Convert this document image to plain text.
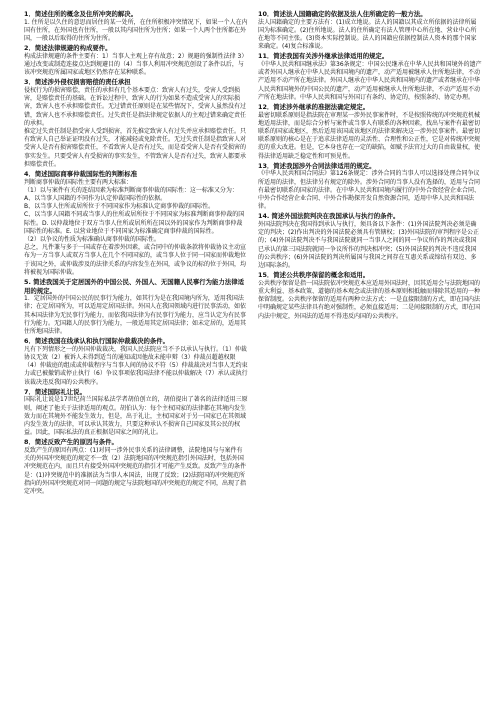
1．简述住所的概念及住所冲突的解决。
1. 住所是以久住的意思而居住的某一处所，在住所积极冲突情况下，如果一个人在内国有住所，在外国也有住所，一般以其内国住所为住所；如果一个人两个住所都在外国，一般以后取得的住所为住所。
2．简述法律规避的构成要件。
构成法律规避的条件主要有：1）当事人主观上存有故意；2）规避的强制性法律 3）通过改变或制造连接点达到规避目的（4）当事人利用冲突规范创设了条件以后，与该冲突规范所属国家或地区仍然存在某种联系。
3．简述涉外侵权损害赔偿的责任承担
侵权行为的损害赔偿，责任的承担有几个基本要点：致害人有过失，受害人受到损害，是赔偿责任的基础。在诉讼过程中，致害人的行为如果不造成受害人的实际损害，致害人也不承担赔偿责任。无过错责任原则是在某些情况下，受害人虽然没有过错，致害人也不承担赔偿责任。过失责任是指法律规定依据人的主观过错来确定责任的承担。
推定过失责任制是指受害人受到损害，首先推定致害人有过失并应承担赔偿责任。只有致害人自己举证证明没有过失，才能减轻或免除责任。无过失责任制是指致害人对受害人是否有损害赔偿责任，不看致害人是否有过失，而是看受害人是否有受损害的事实发生。只要受害人有受损害的事实发生，不管致害人是否有过失，致害人都要承担赔偿责任。
4．简述国际商事仲裁国际性的判断标准
判断商事仲裁的国际性主要有两大标准：
（1）以与案件有关的连结因素为标准判断商事仲裁的国际性：这一标准又分为：　A、以当事人国籍的不同作为认定仲裁国际性的依据。
B、以当事人住所或居所位于不同国家作为标准认定商事仲裁的国际性。
C、以当事人国籍不同或当事人的住所或居所位于不同国家为标准判断商事仲裁的国际性。D. 以仲裁地位于双方当事人住所或居所所在国以外的国家作为判断商事仲裁国际性的标准。E. 以营业地位于不同国家为标准确定商事仲裁的国际性。
（2）以争议的性质为标准确认商事仲裁的国际性。
总之，凡件兼与多于一国或存在着涉外因素，或合同中的仲裁条款将仲裁协议主动宣布为一方当事人或双方当事人在几个不同国家的，或当事人位于同一国家而仲裁地位于该国之外，或仲裁涉及的法律关系的内容发生在外国，或争议的标的位于外国，均将被视为国际仲裁。
5. 简述我国关于定居国外的中国公民、外国人、无国籍人民事行为能力法律适用的规定。
1．定居国外的中国公民的民事行为能力，如其行为是在我国境内所为，适用我国法律；在定居国所为，可以适用定居国法律。外国人在我国领域内进行民事活动，如依其本国法律为无民事行为能力，而依我国法律为有民事行为能力，应当认定为有民事行为能力。无国籍人的民事行为能力，一般适用其定居国法律；如未定居的，适用其住所地国法律。
6．简述我国在线承认和执行国际仲裁裁决的条件。
凡有下列情形之一的外国仲裁裁决，我国人民法院应当不予以承认与执行。（1）仲裁协议无效（2）被诉人未得到适当的通知或因他故未能申辩（3）仲裁员超越权限（4）仲裁庭的组成或仲裁程序与当事人间的协议不符（5）仲裁裁决对当事人无约束力或已被撤销或停止执行（6）争议事项依我国法律不能以仲裁解决（7）承认或执行该裁决违反我国的公共秩序。
7．简述国际礼让说。
国际礼让说是17世纪荷兰国际私法学者胡伯创立的，胡伯提出了著名的法律适用三原则，阐述了他关于法律适用的观点。胡伯认为：每个主权国家的法律都在其境内发生效力而在其境外不能发生效力，但是，出于礼让，主权国家对于另一国家已在其领域内发生效力的法律，可以承认其效力，只要这种承认不损害自己国家及其公民的权益。因此，国际私法的真正根据是国家之间的礼让。
8．简述反致产生的原因与条件。
反致产生的原因有两点：(1)对同一涉外民事关系的法律调整，法院地国与与案件有关的外国冲突规范的规定不一致（2）法院地国的冲突规范指引外国法时，包括外国冲突规范在内，而且只有接受外国冲突规范的指引才可能产生反致。反致产生的条件是：(1)冲突规范中的准据法为当事人本国法，出现了反致；(2)法院国的冲突规范所指向的外国冲突规范对同一问题的规定与法院地国的冲突规范的规定不同，出现了指定冲突。
10．简述法人国籍确定的依据及法人住所确定的一般方法。
法人国籍确定的主要方法有：(1)成立地说。法人的国籍以其成立所依据的法律所属国为标准确定。(2)住所地说。法人的住所确定有法人管理中心所在地、营业中心所在地等不同主张。(3)资本实际控制说。法人的国籍应依据控制法人资本的那个国家来确定。(4)复合标准说。
11．简述我国有关涉外继承法律适用的规定。
《中华人民共和国继承法》第36条规定：中国公民继承在中华人民共和国境外的遗产或者外国人继承在中华人民共和国境内的遗产，动产适用被继承人住所地法律，不动产适用不动产所在地法律。外国人继承在中华人民共和国境内的遗产或者继承在中华人民共和国境外的中国公民的遗产，动产适用被继承人住所地法律，不动产适用不动产所在地法律。中华人民共和国与外国订有条约、协定的，按照条约、协定办理。
12．简述涉外继承的准据法确定规定。
最密切联系原则是指法院在审理某一涉外民事案件时，不是按照传统的冲突规范机械地适用法律，而是综合分析与案件或当事人有联系的各种因素，找出与案件有最密切联系的国家或地区，然后适用该国或该地区的法律来解决这一涉外民事案件。最密切联系原则的核心是在于追求法律适用的灵活性、合理性和公正性，它是对传统冲突规范的重大改进。但是，它本身也存在一定的缺陷，如赋予法官过大的自由裁量权，使得法律适用缺乏稳定性和可预见性。
13．简述我国涉外合同法律适用的规定。
《中华人民共和国合同法》第126条规定：涉外合同的当事人可以选择处理合同争议所适用的法律，但法律另有规定的除外。涉外合同的当事人没有选择的，适用与合同有最密切联系的国家的法律。在中华人民共和国境内履行的中外合资经营企业合同、中外合作经营企业合同、中外合作勘探开发自然资源合同，适用中华人民共和国法律。
14. 简述外国法院判决在我国承认与执行的条件。
外国法院判决在我国得到承认与执行，须具备以下条件：(1)外国法院判决必须是确定的判决；(2)作出判决的外国法院必须具有管辖权；(3)外国法院的审判程序是公正的；(4)外国法院判决不与我国法院就同一当事人之间的同一争议所作的判决或我国已承认的第三国法院就同一争议所作的判决相冲突；(5)外国法院的判决不违反我国的公共秩序；(6)外国法院的判决所属国与我国之间存在互惠关系或缔结有双边、多边国际条约。
15．简述公共秩序保留的概念和适用。
公共秩序保留是指一国法院依冲突规范本应适用外国法时，因其适用会与法院地国的重大利益、基本政策、道德的基本观念或法律的基本原则相抵触而排除其适用的一种保留制度。公共秩序保留的适用有两种立法方式：一是直接限制的方式，即在国内法中明确规定某些法律具有绝对强制性，必须直接适用；二是间接限制的方式，即在国内法中规定，外国法的适用不得违反内国的公共秩序。
